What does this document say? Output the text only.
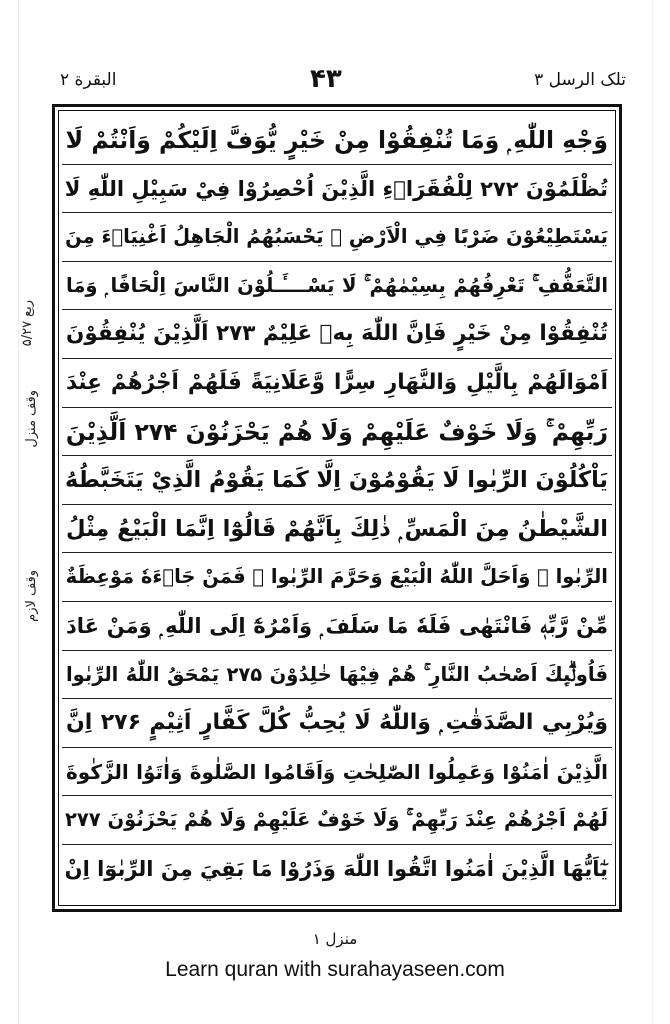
تلک الرسل ۳
۴۳
البقرة ۲
وَجْهِ اللّٰهِ ۭ وَمَا تُنْفِقُوْا مِنْ خَيْرٍ يُّوَفَّ اِلَيْكُمْ وَاَنْتُمْ لَا
تُظْلَمُوْنَ ۲۷۲ لِلْفُقَرَاۗءِ الَّذِيْنَ اُحْصِرُوْا فِيْ سَبِيْلِ اللّٰهِ لَا
يَسْتَطِيْعُوْنَ ضَرْبًا فِي الْاَرْضِ ۡ يَحْسَبُھُمُ الْجَاهِلُ اَغْنِيَاۗءَ مِنَ
التَّعَفُّفِ ۚ تَعْرِفُھُمْ بِسِيْمٰھُمْ ۚ لَا يَسْــــَٔـلُوْنَ النَّاسَ اِلْحَافًا ۭ وَمَا
تُنْفِقُوْا مِنْ خَيْرٍ فَاِنَّ اللّٰهَ بِهٖ عَلِيْمٌ ۲۷۳ اَلَّذِيْنَ يُنْفِقُوْنَ
اَمْوَالَھُمْ بِالَّيْلِ وَالنَّهَارِ سِرًّا وَّعَلَانِيَةً فَلَھُمْ اَجْرُھُمْ عِنْدَ
رَبِّهِمْ ۚ وَلَا خَوْفٌ عَلَيْهِمْ وَلَا ھُمْ يَحْزَنُوْنَ ۲۷۴ اَلَّذِيْنَ
يَاْكُلُوْنَ الرِّبٰوا لَا يَقُوْمُوْنَ اِلَّا كَمَا يَقُوْمُ الَّذِيْ يَتَخَبَّطُهُ
الشَّيْطٰنُ مِنَ الْمَسِّ ۭ ذٰلِكَ بِاَنَّھُمْ قَالُوْٓا اِنَّمَا الْبَيْعُ مِثْلُ
الرِّبٰوا ۘ وَاَحَلَّ اللّٰهُ الْبَيْعَ وَحَرَّمَ الرِّبٰوا ۭ فَمَنْ جَاۗءَهٗ مَوْعِظَةٌ
مِّنْ رَّبِّهٖ فَانْتَهٰى فَلَهٗ مَا سَلَفَ ۭ وَاَمْرُهٗٓ اِلَى اللّٰهِ ۭ وَمَنْ عَادَ
فَاُولٰۗىِٕكَ اَصْحٰبُ النَّارِ ۚ ھُمْ فِيْهَا خٰلِدُوْنَ ۲۷۵ يَمْحَقُ اللّٰهُ الرِّبٰوا
وَيُرْبِي الصَّدَقٰتِ ۭ وَاللّٰهُ لَا يُحِبُّ كُلَّ كَفَّارٍ اَثِيْمٍ ۲۷۶ اِنَّ
الَّذِيْنَ اٰمَنُوْا وَعَمِلُوا الصّٰلِحٰتِ وَاَقَامُوا الصَّلٰوةَ وَاٰتَوُا الزَّكٰوةَ
لَھُمْ اَجْرُھُمْ عِنْدَ رَبِّهِمْ ۚ وَلَا خَوْفٌ عَلَيْهِمْ وَلَا ھُمْ يَحْزَنُوْنَ ۲۷۷
يٰٓاَيُّهَا الَّذِيْنَ اٰمَنُوا اتَّقُوا اللّٰهَ وَذَرُوْا مَا بَقِيَ مِنَ الرِّبٰوٓا اِنْ
ربع ۵/۲۷
وقف منزل
وقف لازم
منزل ۱
Learn quran with surahayaseen.com
